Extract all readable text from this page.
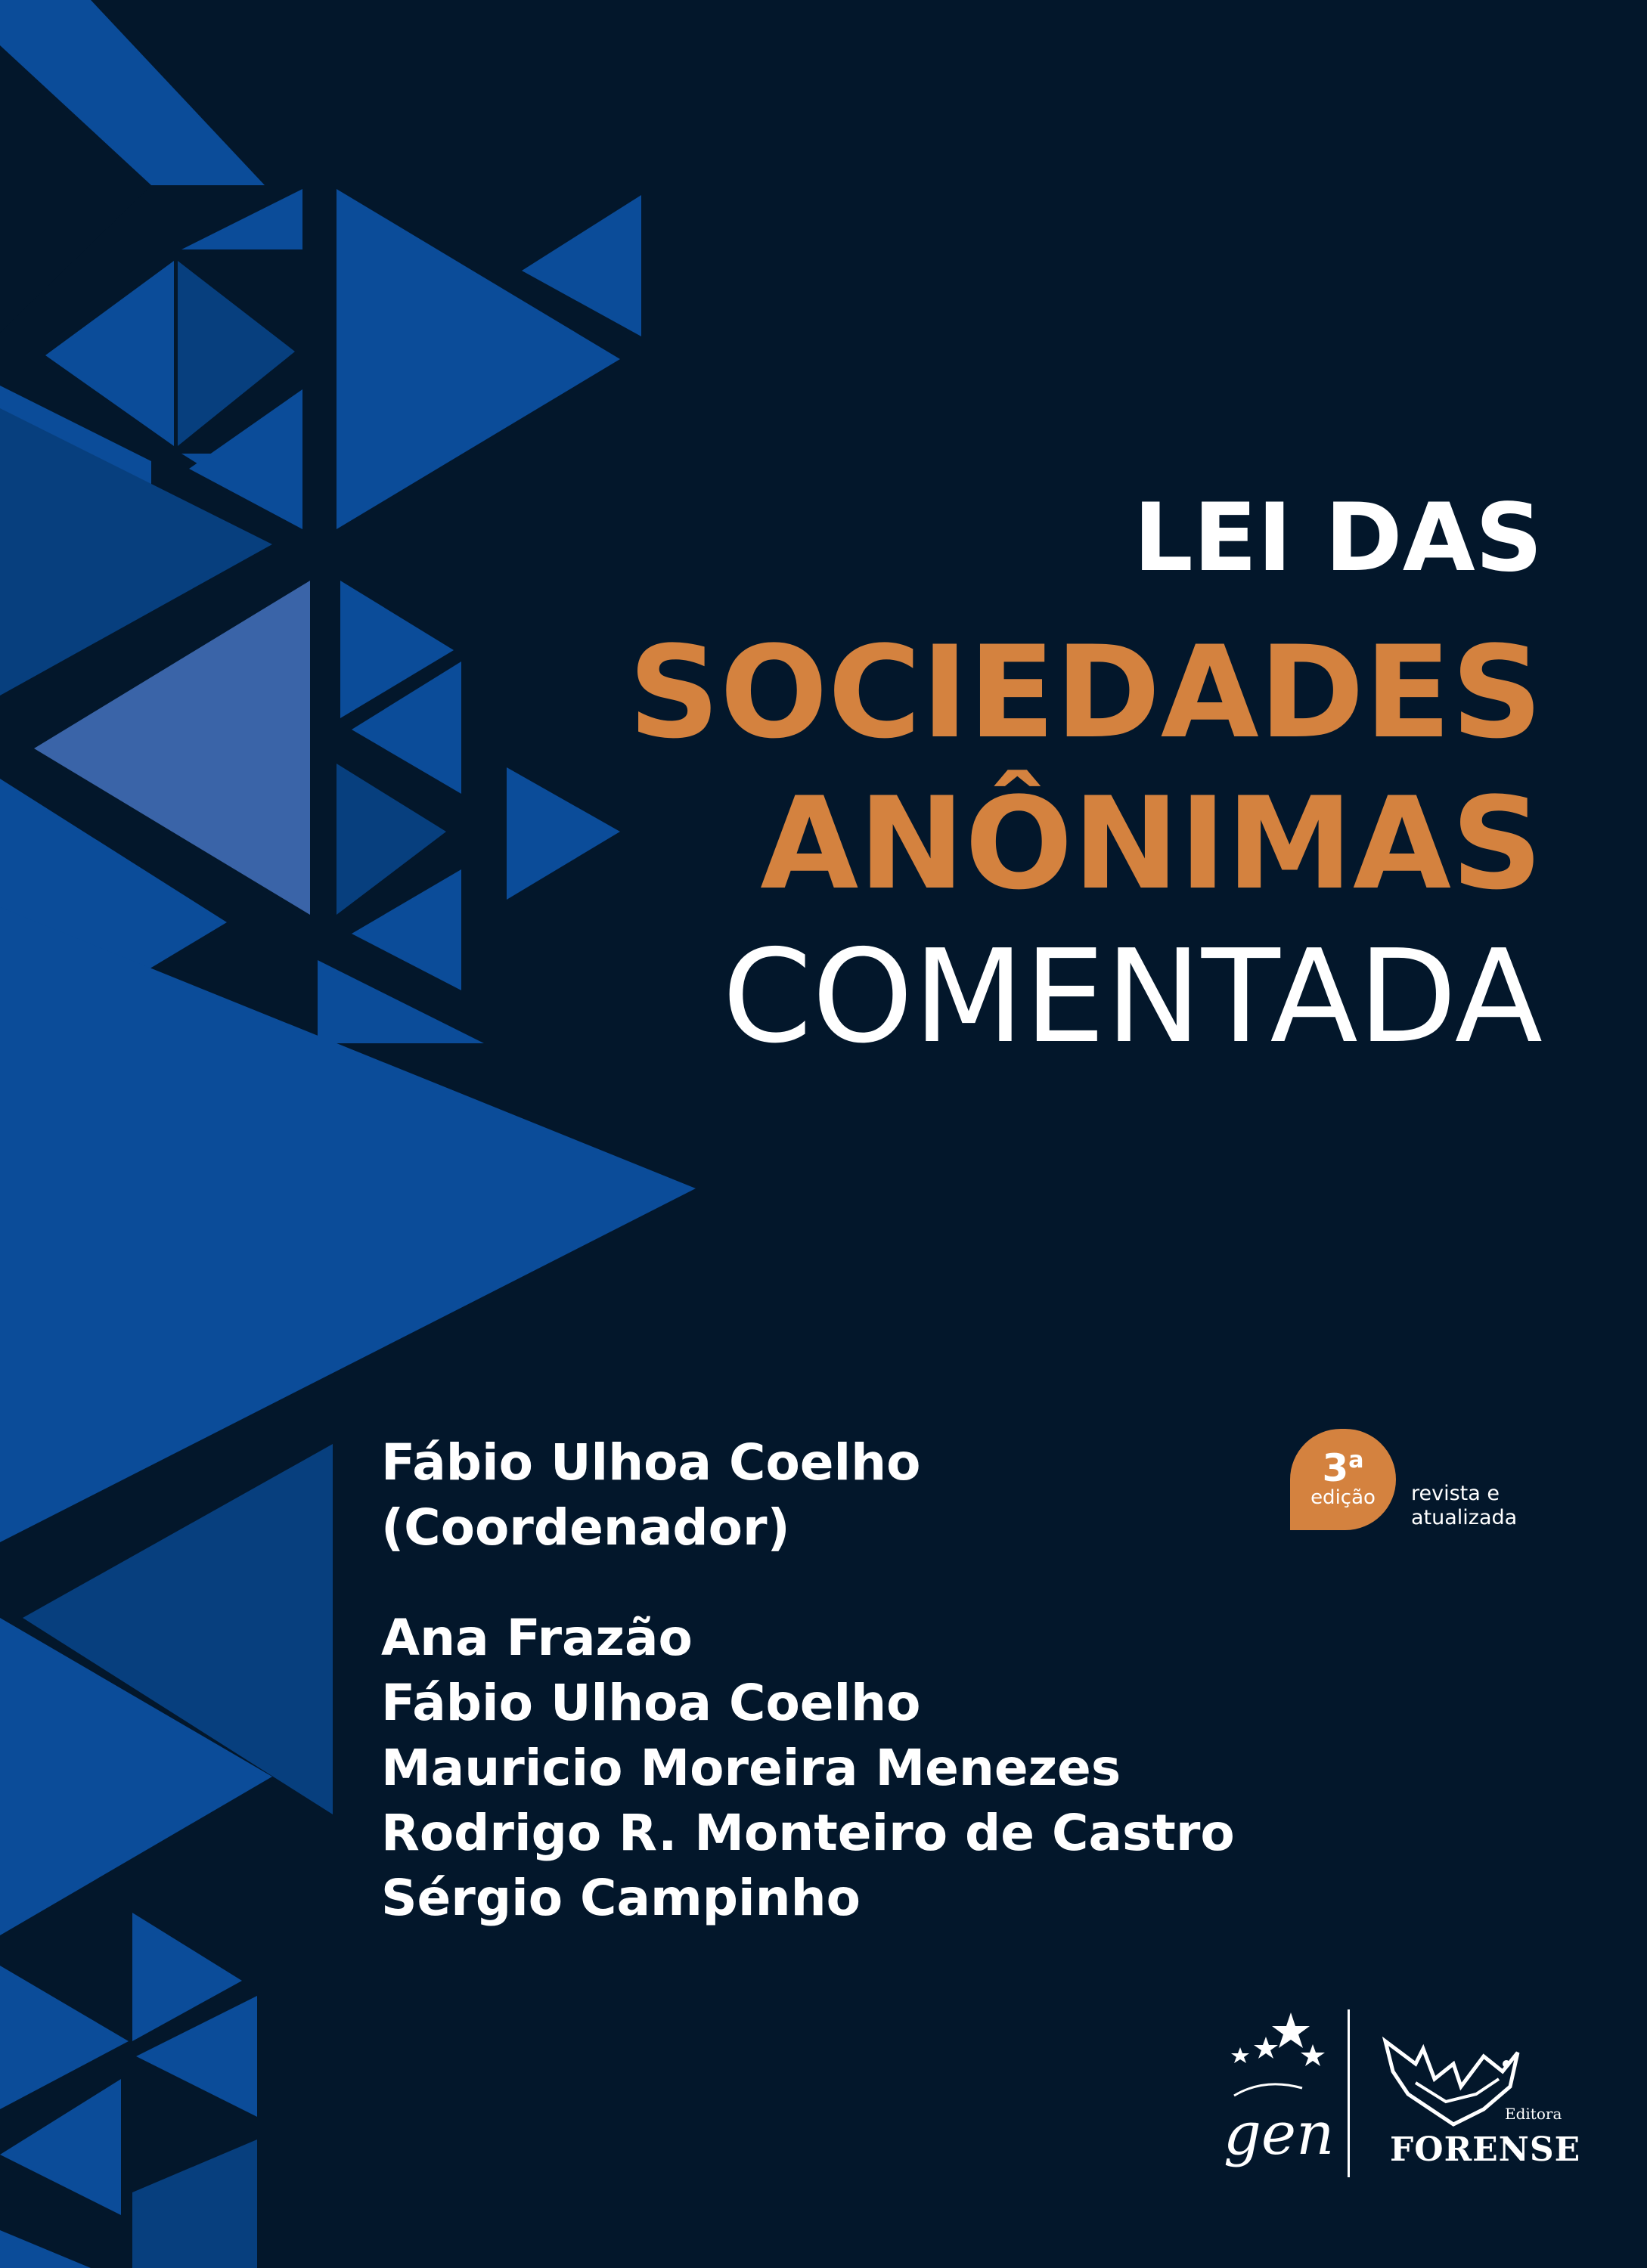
LEI DAS
SOCIEDADES
ANÔNIMAS
COMENTADA
Fábio Ulhoa Coelho
(Coordenador)
Ana Frazão
Fábio Ulhoa Coelho
Mauricio Moreira Menezes
Rodrigo R. Monteiro de Castro
Sérgio Campinho
3$^a$
edição	revista e
atualizada
gen	Editora
FORENSE
